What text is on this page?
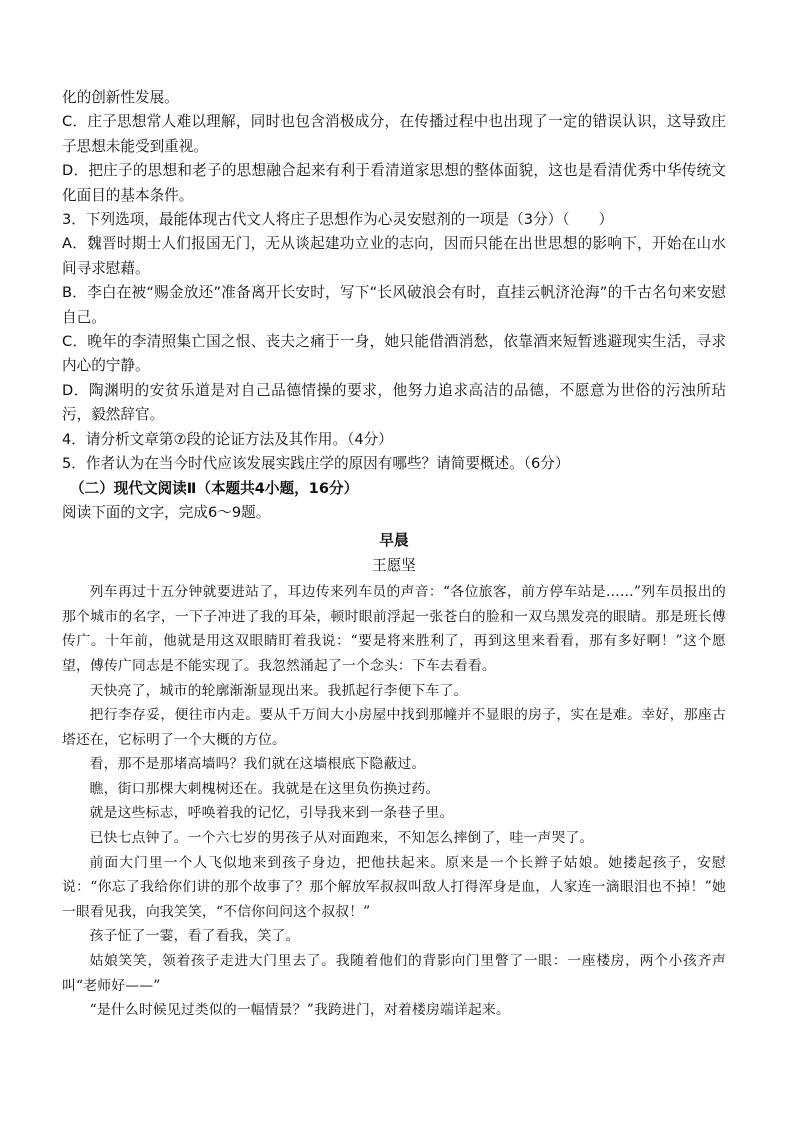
化的创新性发展。

C．庄子思想常人难以理解，同时也包含消极成分，在传播过程中也出现了一定的错误认识，这导致庄子思想未能受到重视。

D．把庄子的思想和老子的思想融合起来有利于看清道家思想的整体面貌，这也是看清优秀中华传统文化面目的基本条件。

3．下列选项，最能体现古代文人将庄子思想作为心灵安慰剂的一项是（3分）（　　）

A．魏晋时期士人们报国无门，无从谈起建功立业的志向，因而只能在出世思想的影响下，开始在山水间寻求慰藉。

B．李白在被“赐金放还”准备离开长安时，写下“长风破浪会有时，直挂云帆济沧海”的千古名句来安慰自己。

C．晚年的李清照集亡国之恨、丧夫之痛于一身，她只能借酒消愁，依靠酒来短暂逃避现实生活，寻求内心的宁静。

D．陶渊明的安贫乐道是对自己品德情操的要求，他努力追求高洁的品德，不愿意为世俗的污浊所玷污，毅然辞官。

4．请分析文章第⑦段的论证方法及其作用。（4分）

5．作者认为在当今时代应该发展实践庄学的原因有哪些？请简要概述。（6分）

（二）现代文阅读Ⅱ（本题共4小题，16分）

阅读下面的文字，完成6～9题。

早晨

王愿坚

列车再过十五分钟就要进站了，耳边传来列车员的声音：“各位旅客，前方停车站是……”列车员报出的那个城市的名字，一下子冲进了我的耳朵，顿时眼前浮起一张苍白的脸和一双乌黑发亮的眼睛。那是班长傅传广。十年前，他就是用这双眼睛盯着我说：“要是将来胜利了，再到这里来看看，那有多好啊！”这个愿望，傅传广同志是不能实现了。我忽然涌起了一个念头：下车去看看。

天快亮了，城市的轮廓渐渐显现出来。我抓起行李便下车了。

把行李存妥，便往市内走。要从千万间大小房屋中找到那幢并不显眼的房子，实在是难。幸好，那座古塔还在，它标明了一个大概的方位。

看，那不是那堵高墙吗？我们就在这墙根底下隐蔽过。

瞧，街口那棵大刺槐树还在。我就是在这里负伤换过药。

就是这些标志，呼唤着我的记忆，引导我来到一条巷子里。

已快七点钟了。一个六七岁的男孩子从对面跑来，不知怎么摔倒了，哇一声哭了。

前面大门里一个人飞似地来到孩子身边，把他扶起来。原来是一个长辫子姑娘。她搂起孩子，安慰说：“你忘了我给你们讲的那个故事了？那个解放军叔叔叫敌人打得浑身是血，人家连一滴眼泪也不掉！”她一眼看见我，向我笑笑，“不信你问问这个叔叔！”

孩子怔了一霎，看了看我，笑了。

姑娘笑笑，领着孩子走进大门里去了。我随着他们的背影向门里瞥了一眼：一座楼房，两个小孩齐声叫“老师好——”

“是什么时候见过类似的一幅情景？”我跨进门，对着楼房端详起来。
